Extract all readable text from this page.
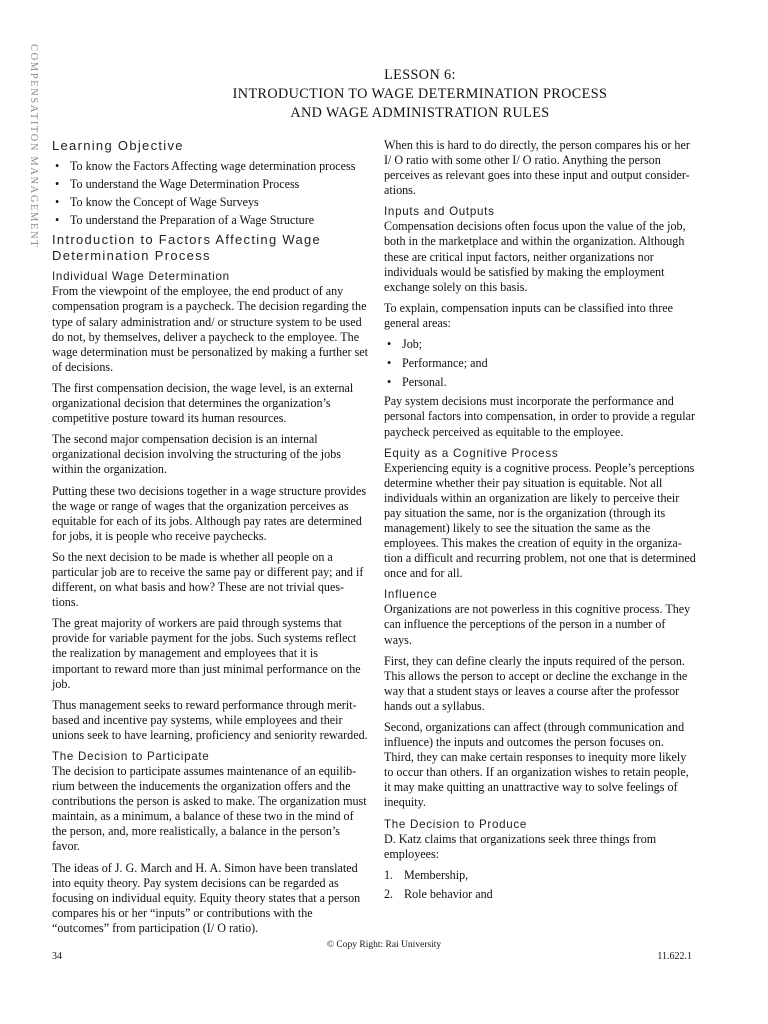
COMPENSATITON MANAGEMENT	LESSON 6:
INTRODUCTION TO WAGE DETERMINATION PROCESS
AND WAGE ADMINISTRATION RULES
Learning Objective
• To know the Factors Affecting wage determination process
• To understand the Wage Determination Process
• To know the Concept of Wage Surveys
• To understand the Preparation of a Wage Structure
Introduction to Factors Affecting Wage Determination Process
Individual Wage Determination

From the viewpoint of the employee, the end product of any compensation program is a paycheck. The decision regarding the type of salary administration and/ or structure system to be used do not, by themselves, deliver a paycheck to the employee. The wage determination must be personalized by making a further set of decisions.

The first compensation decision, the wage level, is an external organizational decision that determines the organization’s competitive posture toward its human resources.

The second major compensation decision is an internal organizational decision involving the structuring of the jobs within the organization.

Putting these two decisions together in a wage structure provides the wage or range of wages that the organization perceives as equitable for each of its jobs. Although pay rates are determined for jobs, it is people who receive paychecks.

So the next decision to be made is whether all people on a particular job are to receive the same pay or different pay; and if different, on what basis and how? These are not trivial ques-tions.

The great majority of workers are paid through systems that provide for variable payment for the jobs. Such systems reflect the realization by management and employees that it is important to reward more than just minimal performance on the job.

Thus management seeks to reward performance through merit-based and incentive pay systems, while employees and their unions seek to have learning, proficiency and seniority rewarded.

The Decision to Participate

The decision to participate assumes maintenance of an equilib-rium between the inducements the organization offers and the contributions the person is asked to make. The organization must maintain, as a minimum, a balance of these two in the mind of the person, and, more realistically, a balance in the person’s favor.

The ideas of J. G. March and H. A. Simon have been translated into equity theory. Pay system decisions can be regarded as focusing on individual equity. Equity theory states that a person compares his or her “inputs” or contributions with the “outcomes” from participation (I/ O ratio).

When this is hard to do directly, the person compares his or her I/ O ratio with some other I/ O ratio. Anything the person perceives as relevant goes into these input and output consider-ations.

Inputs and Outputs

Compensation decisions often focus upon the value of the job, both in the marketplace and within the organization. Although these are critical input factors, neither organizations nor individuals would be satisfied by making the employment exchange solely on this basis.

To explain, compensation inputs can be classified into three general areas:

• Job;
• Performance; and
• Personal.

Pay system decisions must incorporate the performance and personal factors into compensation, in order to provide a regular paycheck perceived as equitable to the employee.

Equity as a Cognitive Process

Experiencing equity is a cognitive process. People’s perceptions determine whether their pay situation is equitable. Not all individuals within an organization are likely to perceive their pay situation the same, nor is the organization (through its management) likely to see the situation the same as the employees. This makes the creation of equity in the organiza-tion a difficult and recurring problem, not one that is determined once and for all.

Influence

Organizations are not powerless in this cognitive process. They can influence the perceptions of the person in a number of ways.

First, they can define clearly the inputs required of the person. This allows the person to accept or decline the exchange in the way that a student stays or leaves a course after the professor hands out a syllabus.

Second, organizations can affect (through communication and influence) the inputs and outcomes the person focuses on. Third, they can make certain responses to inequity more likely to occur than others. If an organization wishes to retain people, it may make quitting an unattractive way to solve feelings of inequity.

The Decision to Produce

D. Katz claims that organizations seek three things from employees:

1. Membership,
2. Role behavior and
34
© Copy Right: Rai University
11.622.1
